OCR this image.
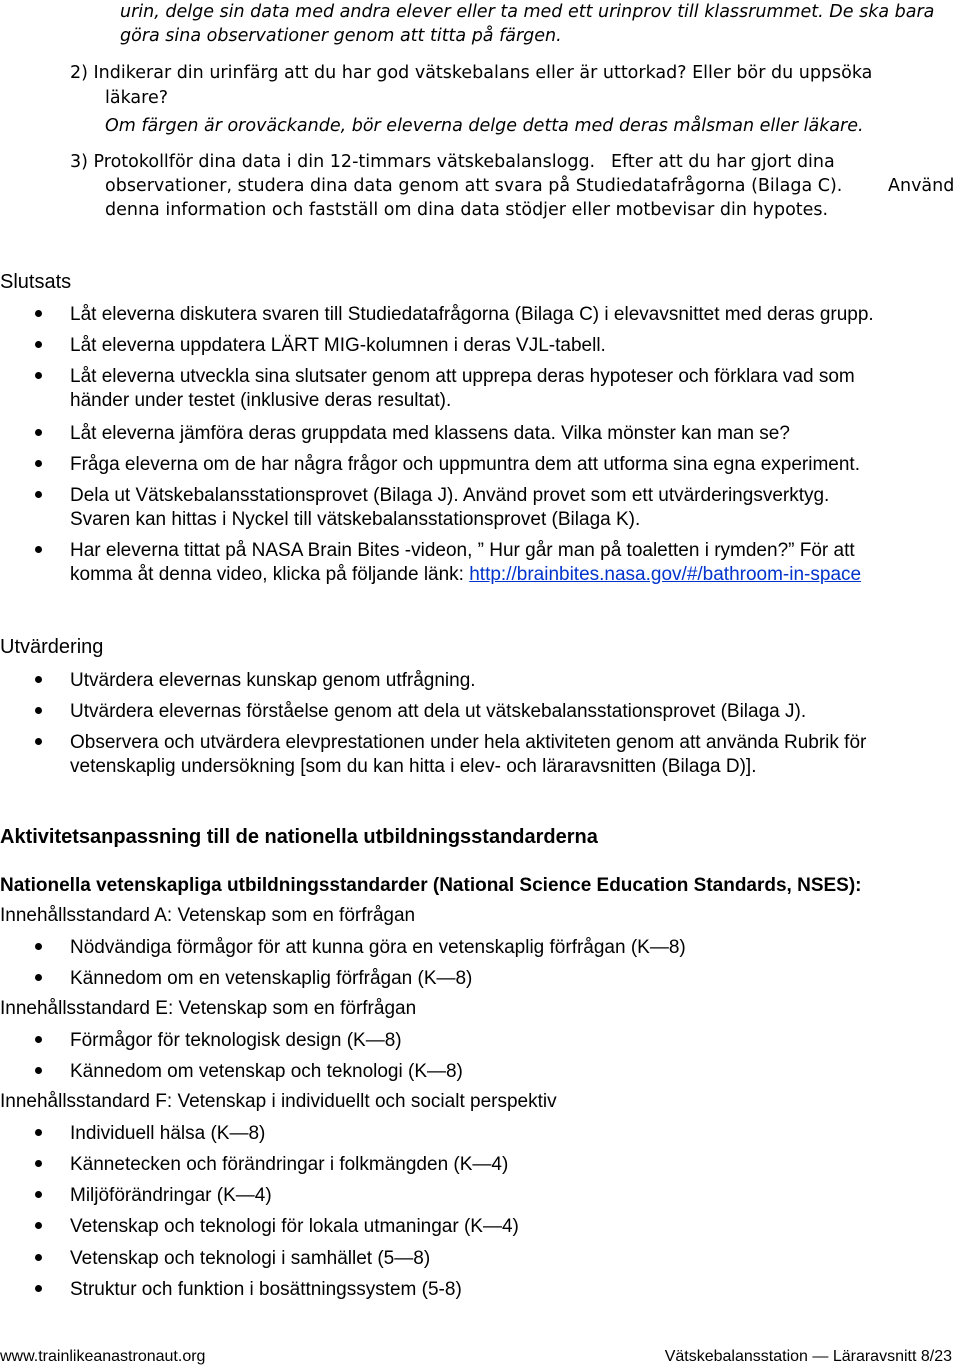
urin, delge sin data med andra elever eller ta med ett urinprov till klassrummet. De ska bara
göra sina observationer genom att titta på färgen.
2) Indikerar din urinfärg att du har god vätskebalans eller är uttorkad? Eller bör du uppsöka
läkare?
Om färgen är oroväckande, bör eleverna delge detta med deras målsman eller läkare.
3) Protokollför dina data i din 12-timmars vätskebalanslogg. Efter att du har gjort dina
observationer, studera dina data genom att svara på Studiedatafrågorna (Bilaga C).	Använd
denna information och fastställ om dina data stödjer eller motbevisar din hypotes.
Slutsats
Låt eleverna diskutera svaren till Studiedatafrågorna (Bilaga C) i elevavsnittet med deras grupp.
Låt eleverna uppdatera LÄRT MIG-kolumnen i deras VJL-tabell.
Låt eleverna utveckla sina slutsater genom att upprepa deras hypoteser och förklara vad som
händer under testet (inklusive deras resultat).
Låt eleverna jämföra deras gruppdata med klassens data. Vilka mönster kan man se?
Fråga eleverna om de har några frågor och uppmuntra dem att utforma sina egna experiment.
Dela ut Vätskebalansstationsprovet (Bilaga J). Använd provet som ett utvärderingsverktyg.
Svaren kan hittas i Nyckel till vätskebalansstationsprovet (Bilaga K).
Har eleverna tittat på NASA Brain Bites -videon, ” Hur går man på toaletten i rymden?” För att
komma åt denna video, klicka på följande länk: http://brainbites.nasa.gov/#/bathroom-in-space
Utvärdering
Utvärdera elevernas kunskap genom utfrågning.
Utvärdera elevernas förståelse genom att dela ut vätskebalansstationsprovet (Bilaga J).
Observera och utvärdera elevprestationen under hela aktiviteten genom att använda Rubrik för
vetenskaplig undersökning [som du kan hitta i elev- och läraravsnitten (Bilaga D)].
Aktivitetsanpassning till de nationella utbildningsstandarderna
Nationella vetenskapliga utbildningsstandarder (National Science Education Standards, NSES):
Innehållsstandard A: Vetenskap som en förfrågan
Nödvändiga förmågor för att kunna göra en vetenskaplig förfrågan (K—8)
Kännedom om en vetenskaplig förfrågan (K—8)
Innehållsstandard E: Vetenskap som en förfrågan
Förmågor för teknologisk design (K—8)
Kännedom om vetenskap och teknologi (K—8)
Innehållsstandard F: Vetenskap i individuellt och socialt perspektiv
Individuell hälsa (K—8)
Kännetecken och förändringar i folkmängden (K—4)
Miljöförändringar (K—4)
Vetenskap och teknologi för lokala utmaningar (K—4)
Vetenskap och teknologi i samhället (5—8)
Struktur och funktion i bosättningssystem (5-8)
www.trainlikeanastronaut.org	Vätskebalansstation — Läraravsnitt 8/23
